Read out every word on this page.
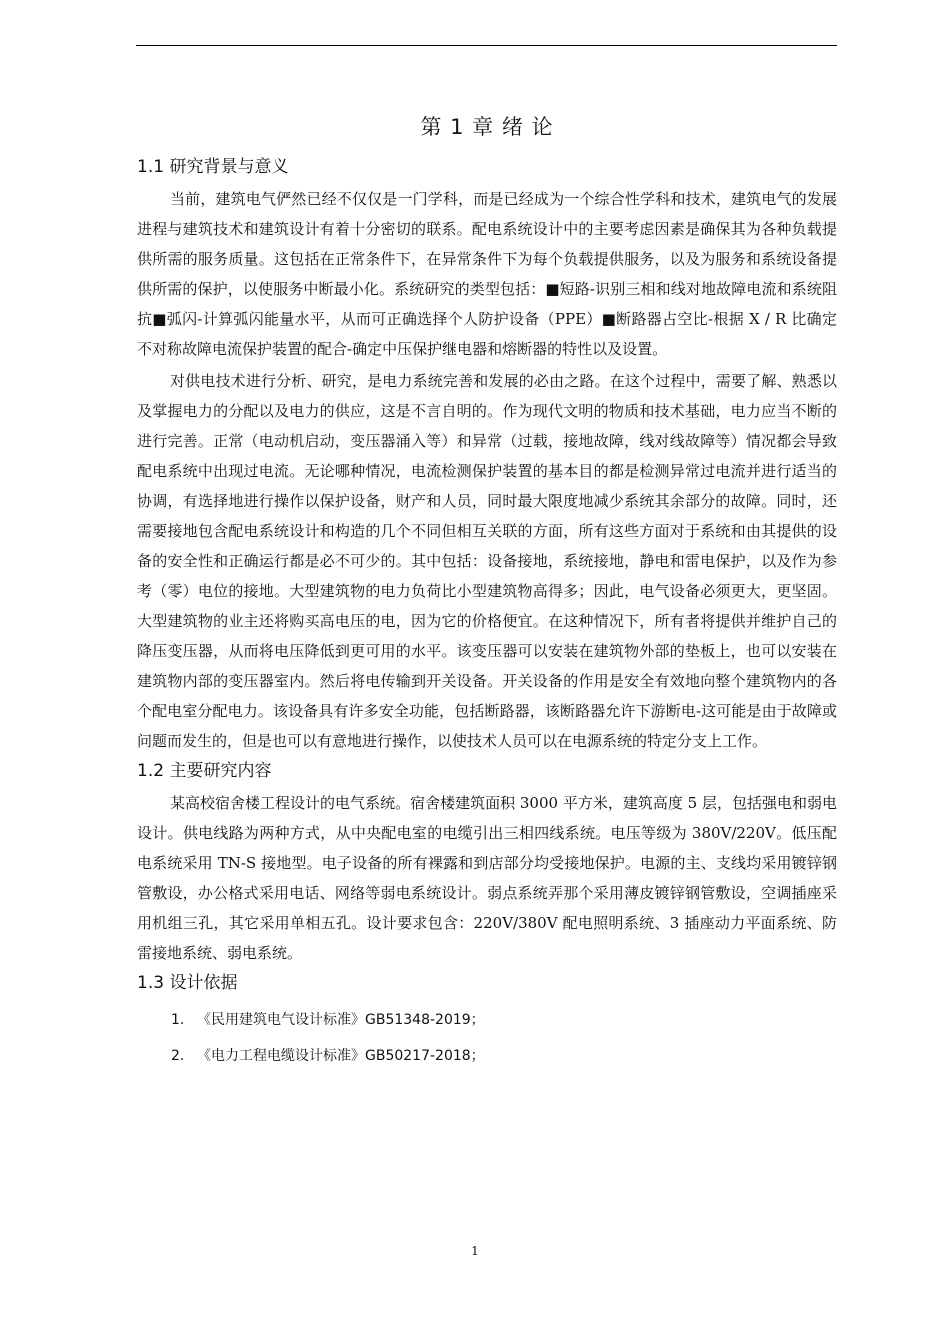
第 1 章 绪 论
1.1 研究背景与意义

当前，建筑电气俨然已经不仅仅是一门学科，而是已经成为一个综合性学科和技术，建筑电气的发展进程与建筑技术和建筑设计有着十分密切的联系。配电系统设计中的主要考虑因素是确保其为各种负载提供所需的服务质量。这包括在正常条件下，在异常条件下为每个负载提供服务，以及为服务和系统设备提供所需的保护，以使服务中断最小化。系统研究的类型包括：■短路-识别三相和线对地故障电流和系统阻抗■弧闪-计算弧闪能量水平，从而可正确选择个人防护设备（PPE）■断路器占空比-根据 X / R 比确定不对称故障电流保护装置的配合-确定中压保护继电器和熔断器的特性以及设置。

对供电技术进行分析、研究，是电力系统完善和发展的必由之路。在这个过程中，需要了解、熟悉以及掌握电力的分配以及电力的供应，这是不言自明的。作为现代文明的物质和技术基础，电力应当不断的进行完善。正常（电动机启动，变压器涌入等）和异常（过载，接地故障，线对线故障等）情况都会导致配电系统中出现过电流。无论哪种情况，电流检测保护装置的基本目的都是检测异常过电流并进行适当的协调，有选择地进行操作以保护设备，财产和人员，同时最大限度地减少系统其余部分的故障。同时，还需要接地包含配电系统设计和构造的几个不同但相互关联的方面，所有这些方面对于系统和由其提供的设备的安全性和正确运行都是必不可少的。其中包括：设备接地，系统接地，静电和雷电保护，以及作为参考（零）电位的接地。大型建筑物的电力负荷比小型建筑物高得多；因此，电气设备必须更大，更坚固。大型建筑物的业主还将购买高电压的电，因为它的价格便宜。在这种情况下，所有者将提供并维护自己的降压变压器，从而将电压降低到更可用的水平。该变压器可以安装在建筑物外部的垫板上，也可以安装在建筑物内部的变压器室内。然后将电传输到开关设备。开关设备的作用是安全有效地向整个建筑物内的各个配电室分配电力。该设备具有许多安全功能，包括断路器，该断路器允许下游断电-这可能是由于故障或问题而发生的，但是也可以有意地进行操作，以使技术人员可以在电源系统的特定分支上工作。

1.2 主要研究内容

某高校宿舍楼工程设计的电气系统。宿舍楼建筑面积 3000 平方米，建筑高度 5 层，包括强电和弱电设计。供电线路为两种方式，从中央配电室的电缆引出三相四线系统。电压等级为 380V/220V。低压配电系统采用 TN-S 接地型。电子设备的所有裸露和到店部分均受接地保护。电源的主、支线均采用镀锌钢管敷设，办公格式采用电话、网络等弱电系统设计。弱点系统弄那个采用薄皮镀锌钢管敷设，空调插座采用机组三孔，其它采用单相五孔。设计要求包含：220V/380V 配电照明系统、3 插座动力平面系统、防雷接地系统、弱电系统。

1.3 设计依据
1. 《民用建筑电气设计标准》GB51348-2019；
2. 《电力工程电缆设计标准》GB50217-2018；
1
